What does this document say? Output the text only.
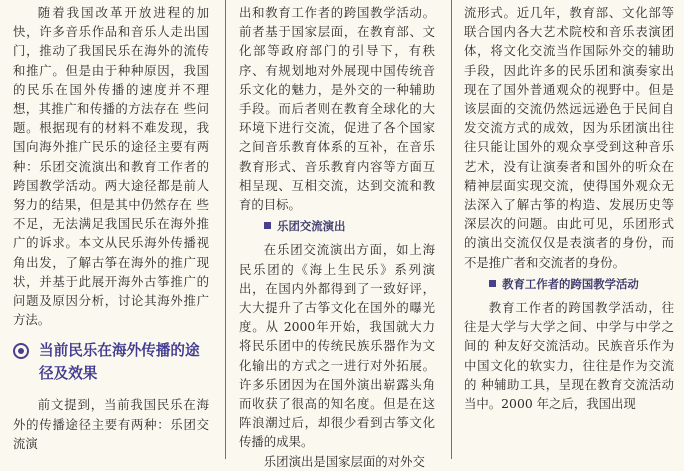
随着我国改革开放进程的加快，许多音乐作品和音乐人走出国门，推动了我国民乐在海外的流传和推广。但是由于种种原因，我国的民乐在国外传播的速度并不理想，其推广和传播的方法存在 些问题。根据现有的材料不难发现，我国向海外推广民乐的途径主要有两种：乐团交流演出和教育工作者的跨国教学活动。两大途径都是前人努力的结果，但是其中仍然存在 些不足，无法满足我国民乐在海外推广的诉求。本文从民乐海外传播视角出发，了解古筝在海外的推广现状，并基于此展开海外古筝推广的问题及原因分析，讨论其海外推广方法。

当前民乐在海外传播的途径及效果

前文提到，当前我国民乐在海外的传播途径主要有两种：乐团交流演

出和教育工作者的跨国教学活动。前者基于国家层面，在教育部、文化部等政府部门的引导下，有秩序、有规划地对外展现中国传统音乐文化的魅力，是外交的一种辅助手段。而后者则在教育全球化的大环境下进行交流，促进了各个国家之间音乐教育体系的互补，在音乐教育形式、音乐教育内容等方面互相呈现、互相交流，达到交流和教育的目标。

乐团交流演出

在乐团交流演出方面，如上海民乐团的《海上生民乐》系列演出，在国内外都得到了一致好评，大大提升了古筝文化在国外的曝光度。从 2000年开始，我国就大力将民乐团中的传统民族乐器作为文化输出的方式之一进行对外拓展。许多乐团因为在国外演出崭露头角而收获了很高的知名度。但是在这 阵浪潮过后，却很少看到古筝文化传播的成果。

乐团演出是国家层面的对外交

流形式。近几年，教育部、文化部等联合国内各大艺术院校和音乐表演团体，将文化交流当作国际外交的辅助手段，因此许多的民乐团和演奏家出现在了国外普通观众的视野中。但是该层面的交流仍然远远逊色于民间自发交流方式的成效，因为乐团演出往往只能让国外的观众享受到这种音乐艺术，没有让演奏者和国外的听众在精神层面实现交流，使得国外观众无法深入了解古筝的构造、发展历史等深层次的问题。由此可见，乐团形式的演出交流仅仅是表演者的身份，而不是推广者和交流者的身份。

教育工作者的跨国教学活动

教育工作者的跨国教学活动，往往是大学与大学之间、中学与中学之间的 种友好交流活动。民族音乐作为中国文化的软实力，往往是作为交流的 种辅助工具，呈现在教育交流活动当中。2000 年之后，我国出现
